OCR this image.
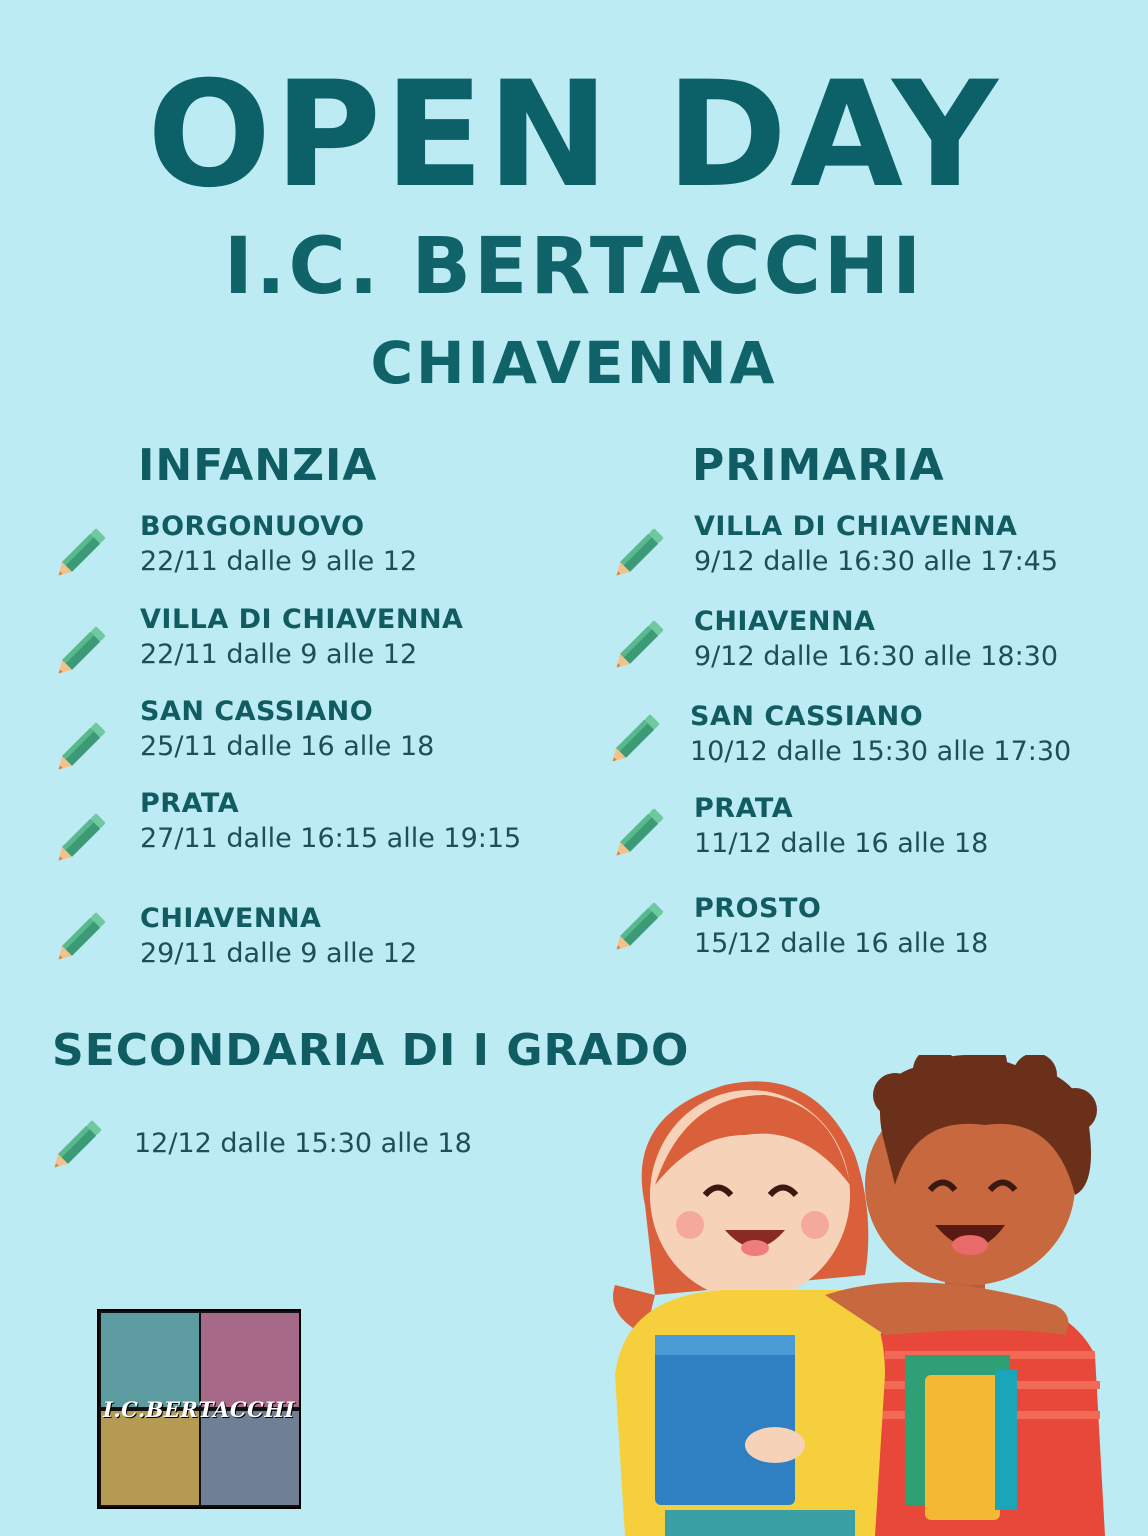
OPEN DAY
I.C. BERTACCHI
CHIAVENNA
INFANZIA
BORGONUOVO
22/11 dalle 9 alle 12
VILLA DI CHIAVENNA
22/11 dalle 9 alle 12
SAN CASSIANO
25/11 dalle 16 alle 18
PRATA
27/11 dalle 16:15 alle 19:15
CHIAVENNA
29/11 dalle 9 alle 12
PRIMARIA
VILLA DI CHIAVENNA
9/12 dalle 16:30 alle 17:45
CHIAVENNA
9/12 dalle 16:30 alle 18:30
SAN CASSIANO
10/12 dalle 15:30 alle 17:30
PRATA
11/12 dalle 16 alle 18
PROSTO
15/12 dalle 16 alle 18
SECONDARIA DI I GRADO
12/12 dalle 15:30 alle 18
I.C.BERTACCHI
